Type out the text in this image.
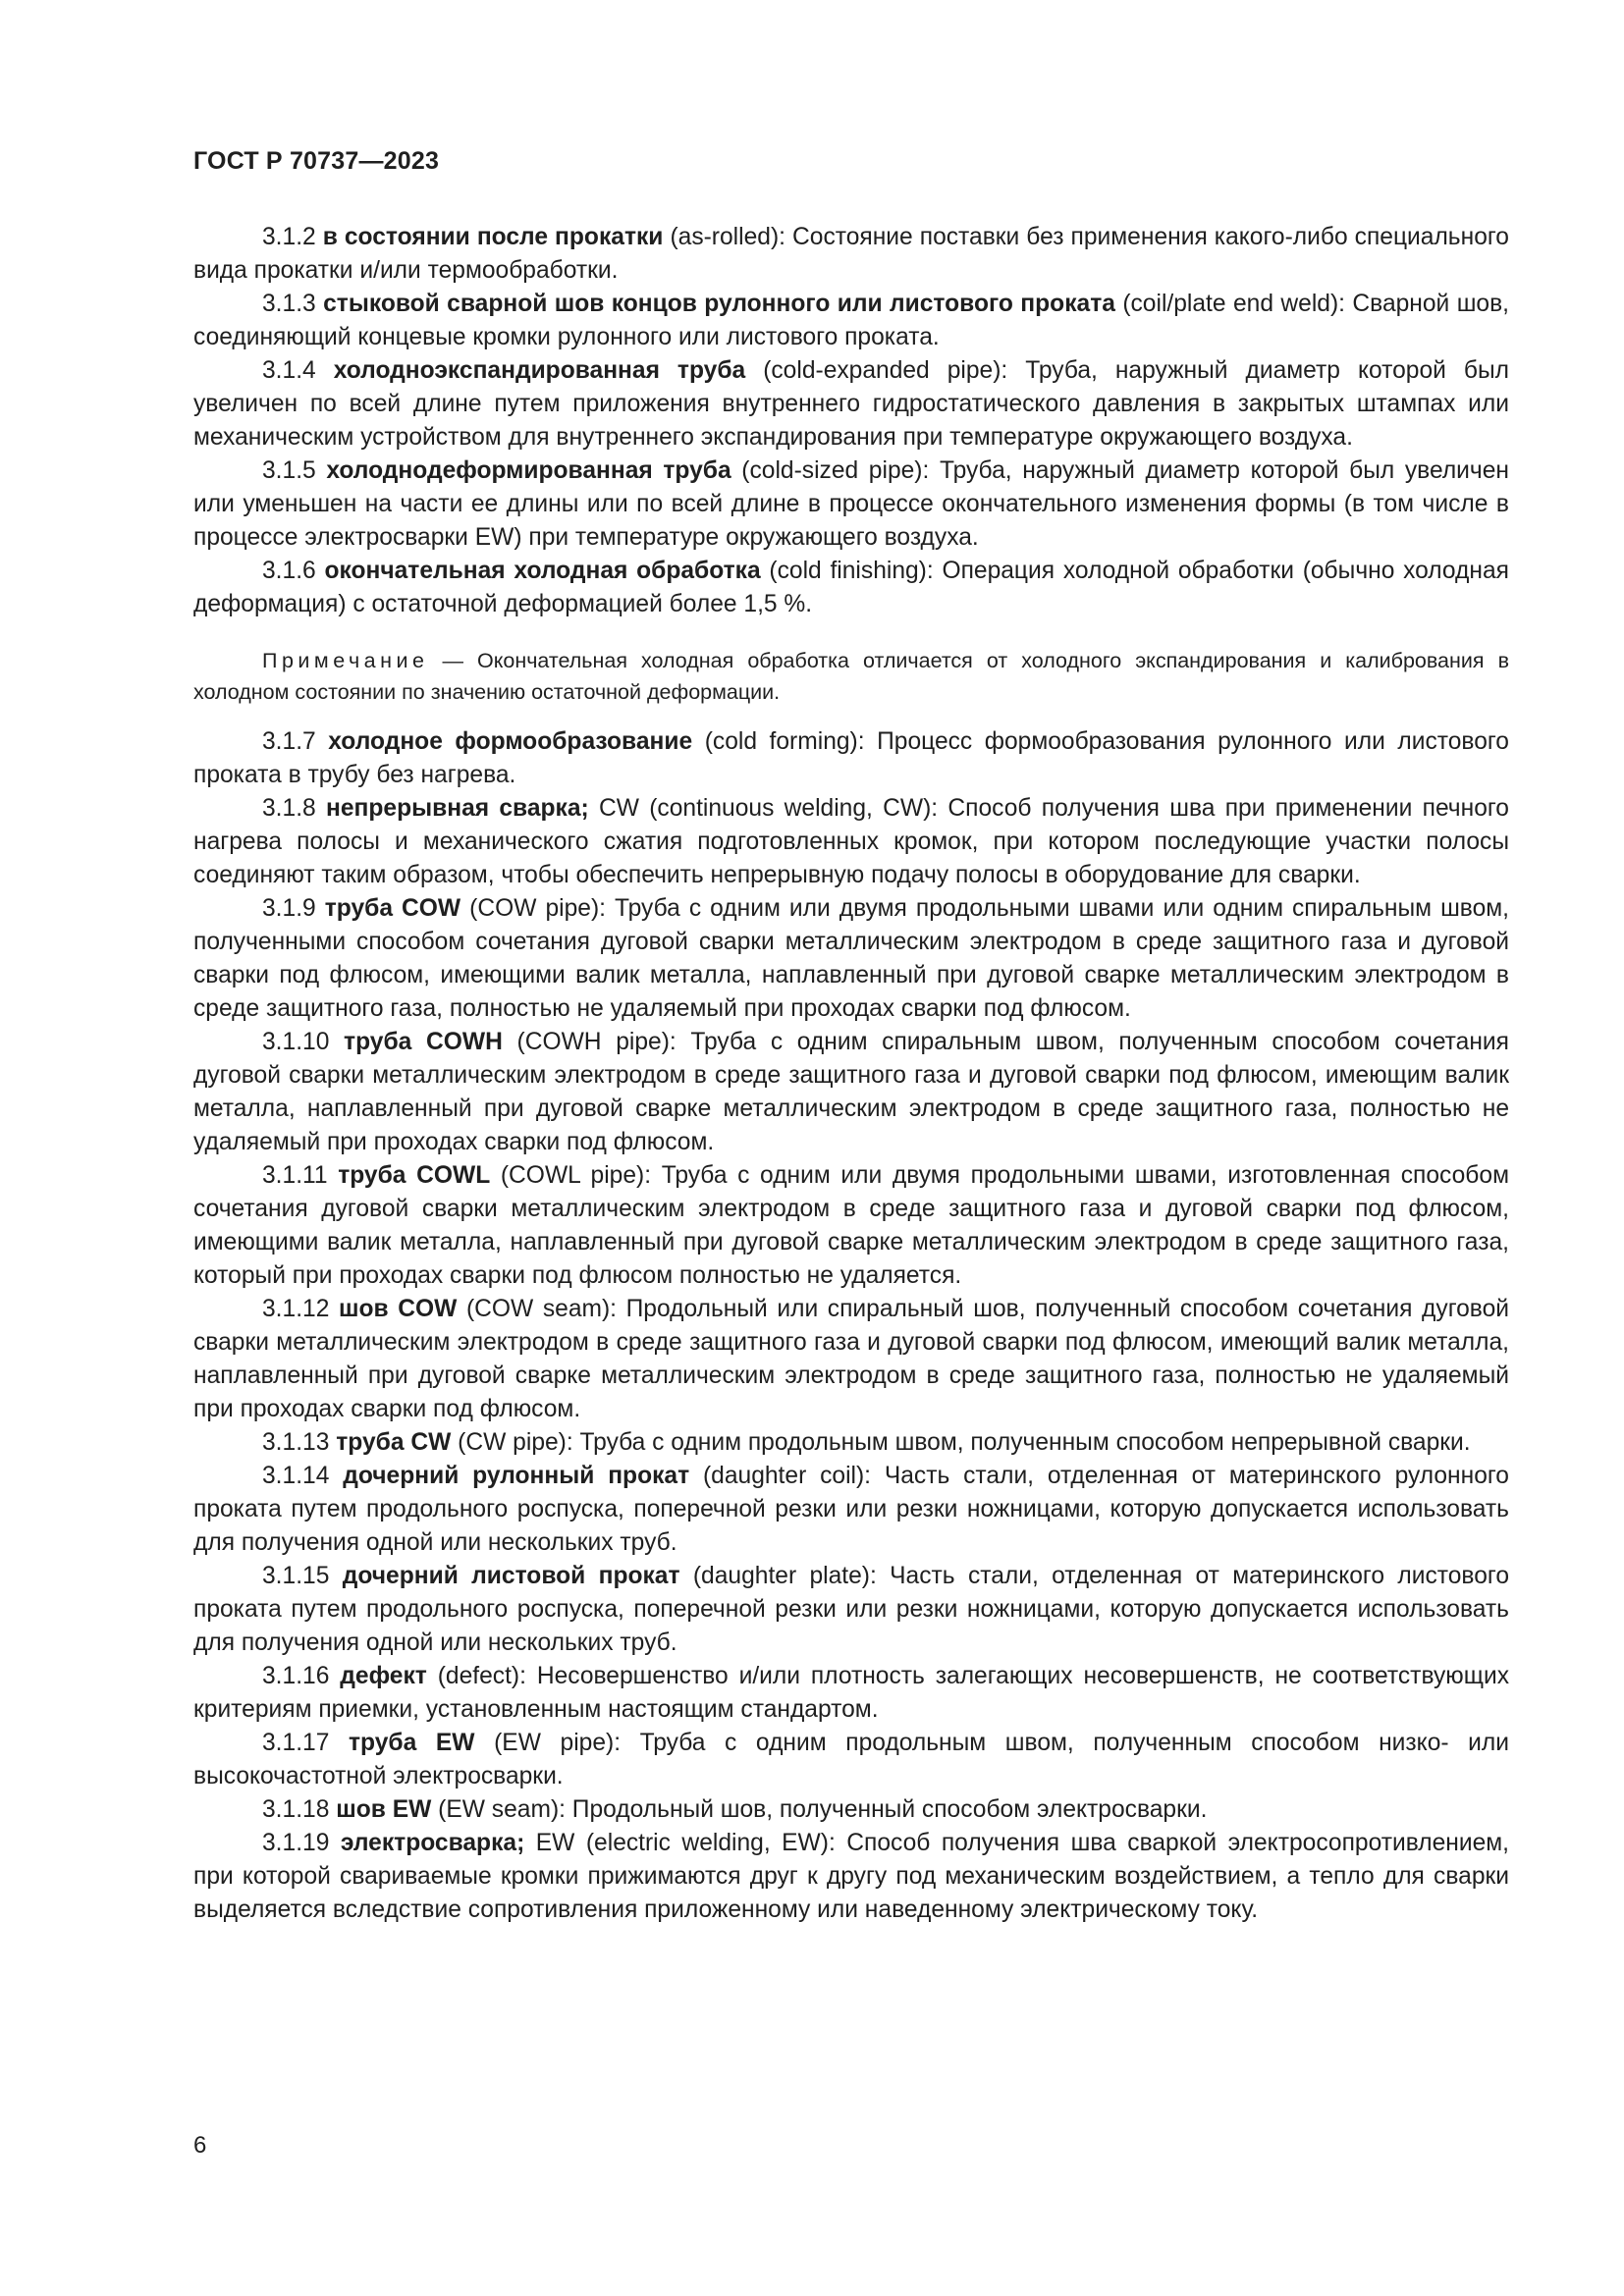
ГОСТ Р 70737—2023

3.1.2 в состоянии после прокатки (as-rolled): Состояние поставки без применения какого-либо специального вида прокатки и/или термообработки.

3.1.3 стыковой сварной шов концов рулонного или листового проката (coil/plate end weld): Сварной шов, соединяющий концевые кромки рулонного или листового проката.

3.1.4 холодноэкспандированная труба (cold-expanded pipe): Труба, наружный диаметр которой был увеличен по всей длине путем приложения внутреннего гидростатического давления в закрытых штампах или механическим устройством для внутреннего экспандирования при температуре окружающего воздуха.

3.1.5 холоднодеформированная труба (cold-sized pipe): Труба, наружный диаметр которой был увеличен или уменьшен на части ее длины или по всей длине в процессе окончательного изменения формы (в том числе в процессе электросварки EW) при температуре окружающего воздуха.

3.1.6 окончательная холодная обработка (cold finishing): Операция холодной обработки (обычно холодная деформация) с остаточной деформацией более 1,5 %.

Примечание — Окончательная холодная обработка отличается от холодного экспандирования и калибрования в холодном состоянии по значению остаточной деформации.

3.1.7 холодное формообразование (cold forming): Процесс формообразования рулонного или листового проката в трубу без нагрева.

3.1.8 непрерывная сварка; CW (continuous welding, CW): Способ получения шва при применении печного нагрева полосы и механического сжатия подготовленных кромок, при котором последующие участки полосы соединяют таким образом, чтобы обеспечить непрерывную подачу полосы в оборудование для сварки.

3.1.9 труба COW (COW pipe): Труба с одним или двумя продольными швами или одним спиральным швом, полученными способом сочетания дуговой сварки металлическим электродом в среде защитного газа и дуговой сварки под флюсом, имеющими валик металла, наплавленный при дуговой сварке металлическим электродом в среде защитного газа, полностью не удаляемый при проходах сварки под флюсом.

3.1.10 труба COWH (COWH pipe): Труба с одним спиральным швом, полученным способом сочетания дуговой сварки металлическим электродом в среде защитного газа и дуговой сварки под флюсом, имеющим валик металла, наплавленный при дуговой сварке металлическим электродом в среде защитного газа, полностью не удаляемый при проходах сварки под флюсом.

3.1.11 труба COWL (COWL pipe): Труба с одним или двумя продольными швами, изготовленная способом сочетания дуговой сварки металлическим электродом в среде защитного газа и дуговой сварки под флюсом, имеющими валик металла, наплавленный при дуговой сварке металлическим электродом в среде защитного газа, который при проходах сварки под флюсом полностью не удаляется.

3.1.12 шов COW (COW seam): Продольный или спиральный шов, полученный способом сочетания дуговой сварки металлическим электродом в среде защитного газа и дуговой сварки под флюсом, имеющий валик металла, наплавленный при дуговой сварке металлическим электродом в среде защитного газа, полностью не удаляемый при проходах сварки под флюсом.

3.1.13 труба CW (CW pipe): Труба с одним продольным швом, полученным способом непрерывной сварки.

3.1.14 дочерний рулонный прокат (daughter coil): Часть стали, отделенная от материнского рулонного проката путем продольного роспуска, поперечной резки или резки ножницами, которую допускается использовать для получения одной или нескольких труб.

3.1.15 дочерний листовой прокат (daughter plate): Часть стали, отделенная от материнского листового проката путем продольного роспуска, поперечной резки или резки ножницами, которую допускается использовать для получения одной или нескольких труб.

3.1.16 дефект (defect): Несовершенство и/или плотность залегающих несовершенств, не соответствующих критериям приемки, установленным настоящим стандартом.

3.1.17 труба EW (EW pipe): Труба с одним продольным швом, полученным способом низко- или высокочастотной электросварки.

3.1.18 шов EW (EW seam): Продольный шов, полученный способом электросварки.

3.1.19 электросварка; EW (electric welding, EW): Способ получения шва сваркой электросопротивлением, при которой свариваемые кромки прижимаются друг к другу под механическим воздействием, а тепло для сварки выделяется вследствие сопротивления приложенному или наведенному электрическому току.

6
